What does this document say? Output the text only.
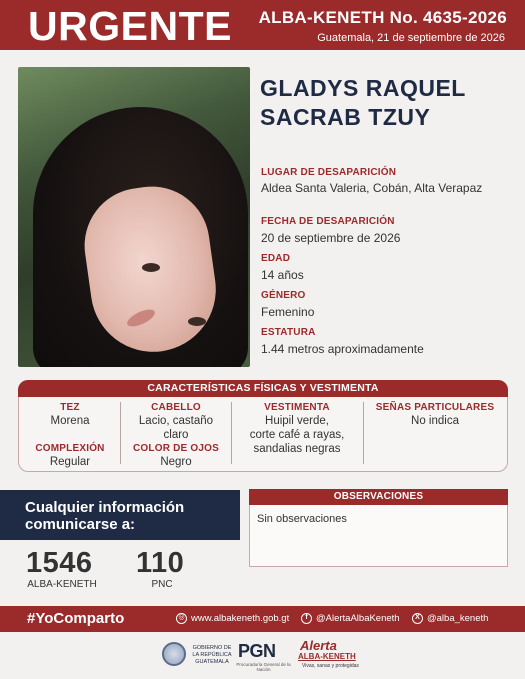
URGENTE ALBA-KENETH No. 4635-2026
Guatemala, 21 de septiembre de 2026
GLADYS RAQUEL
SACRAB TZUY
LUGAR DE DESAPARICIÓN
Aldea Santa Valeria, Cobán, Alta Verapaz
FECHA DE DESAPARICIÓN
20 de septiembre de 2026
EDAD
14 años
GÉNERO
Femenino
ESTATURA
1.44 metros aproximadamente
CARACTERÍSTICAS FÍSICAS Y VESTIMENTA
TEZ
Morena
COMPLEXIÓN
Regular
CABELLO
Lacio, castaño
claro
COLOR DE OJOS
Negro
VESTIMENTA
Huipil verde,
corte café a rayas,
sandalias negras
SEÑAS PARTICULARES
No indica
Cualquier información
comunicarse a:
1546
ALBA-KENETH
110
PNC
OBSERVACIONES
Sin observaciones
#YoComparto	◎ www.albakeneth.gob.gt	f @AlertaAlbaKeneth	X @alba_keneth
GOBIERNO DE LA REPÚBLICA GUATEMALA
PGN
Procuraduría General de la Nación
Alerta
ALBA-KENETH
Vivas, sanas y protegidas
